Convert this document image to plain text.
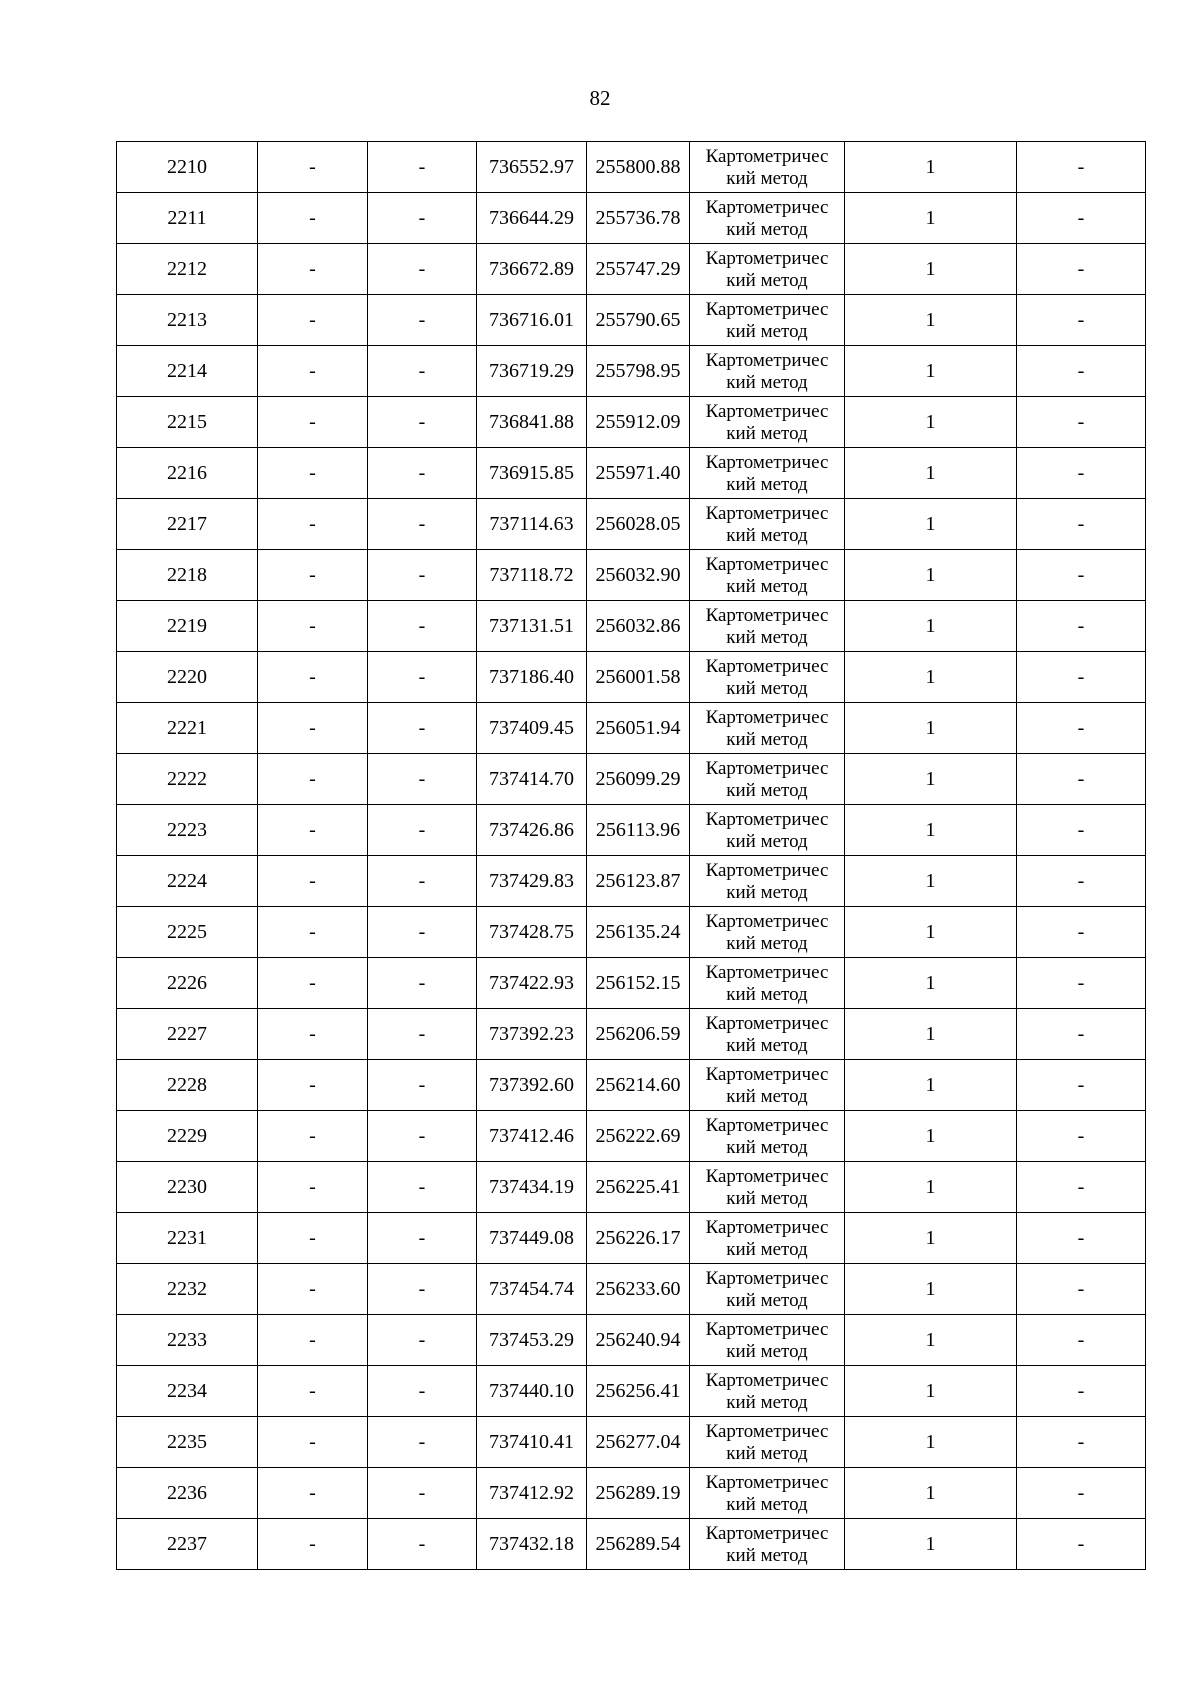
82
2210	-	-	736552.97	255800.88	Картометричес
кий метод	1	-
2211	-	-	736644.29	255736.78	Картометричес
кий метод	1	-
2212	-	-	736672.89	255747.29	Картометричес
кий метод	1	-
2213	-	-	736716.01	255790.65	Картометричес
кий метод	1	-
2214	-	-	736719.29	255798.95	Картометричес
кий метод	1	-
2215	-	-	736841.88	255912.09	Картометричес
кий метод	1	-
2216	-	-	736915.85	255971.40	Картометричес
кий метод	1	-
2217	-	-	737114.63	256028.05	Картометричес
кий метод	1	-
2218	-	-	737118.72	256032.90	Картометричес
кий метод	1	-
2219	-	-	737131.51	256032.86	Картометричес
кий метод	1	-
2220	-	-	737186.40	256001.58	Картометричес
кий метод	1	-
2221	-	-	737409.45	256051.94	Картометричес
кий метод	1	-
2222	-	-	737414.70	256099.29	Картометричес
кий метод	1	-
2223	-	-	737426.86	256113.96	Картометричес
кий метод	1	-
2224	-	-	737429.83	256123.87	Картометричес
кий метод	1	-
2225	-	-	737428.75	256135.24	Картометричес
кий метод	1	-
2226	-	-	737422.93	256152.15	Картометричес
кий метод	1	-
2227	-	-	737392.23	256206.59	Картометричес
кий метод	1	-
2228	-	-	737392.60	256214.60	Картометричес
кий метод	1	-
2229	-	-	737412.46	256222.69	Картометричес
кий метод	1	-
2230	-	-	737434.19	256225.41	Картометричес
кий метод	1	-
2231	-	-	737449.08	256226.17	Картометричес
кий метод	1	-
2232	-	-	737454.74	256233.60	Картометричес
кий метод	1	-
2233	-	-	737453.29	256240.94	Картометричес
кий метод	1	-
2234	-	-	737440.10	256256.41	Картометричес
кий метод	1	-
2235	-	-	737410.41	256277.04	Картометричес
кий метод	1	-
2236	-	-	737412.92	256289.19	Картометричес
кий метод	1	-
2237	-	-	737432.18	256289.54	Картометричес
кий метод	1	-
